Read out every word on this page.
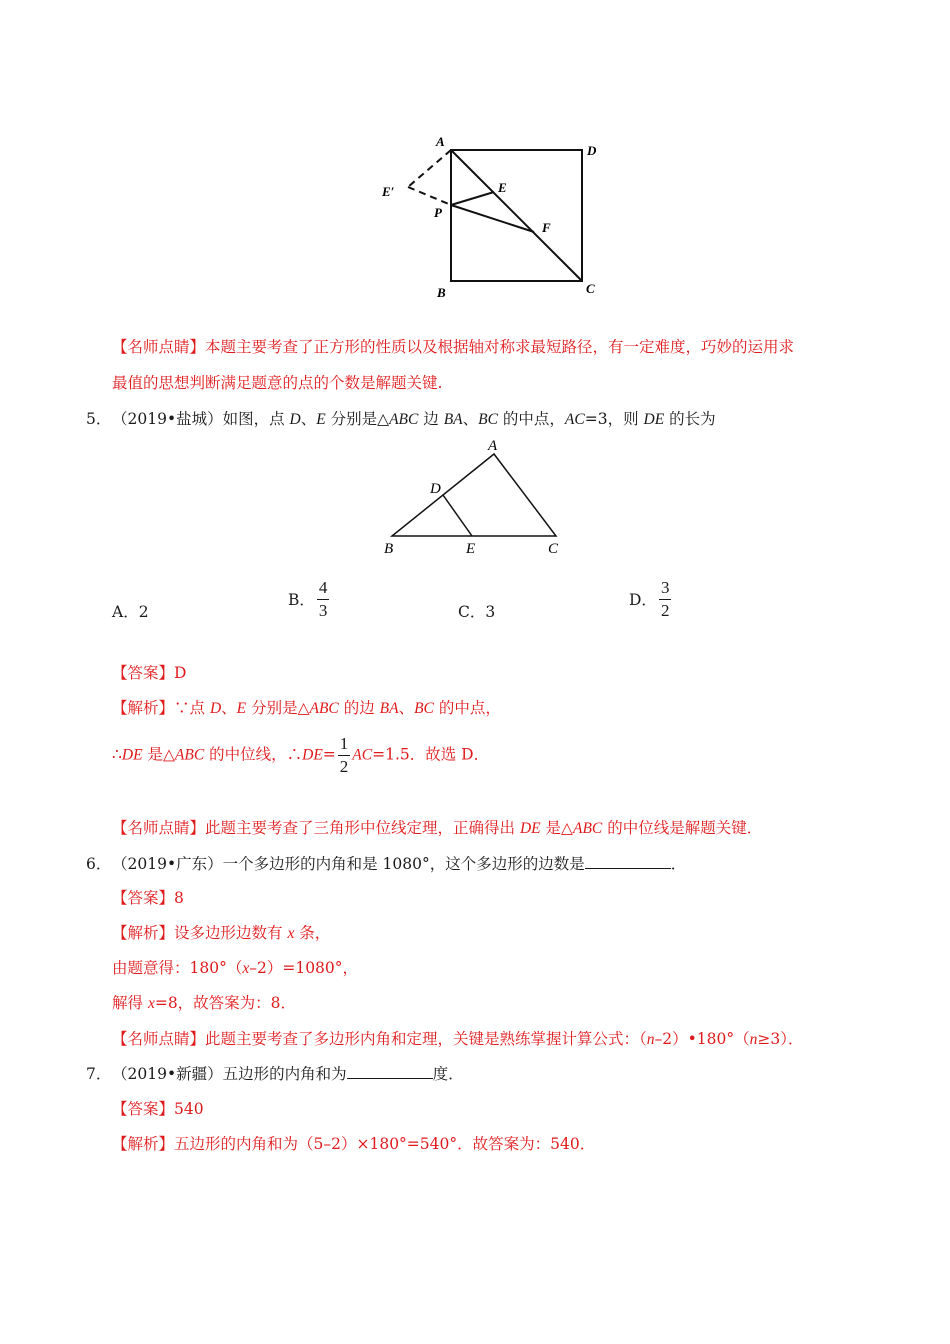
A
D
B	C
E
F
P
E′
【名师点睛】本题主要考查了正方形的性质以及根据轴对称求最短路径，有一定难度，巧妙的运用求
最值的思想判断满足题意的点的个数是解题关键.
5． （2019•盐城）如图，点 D、E 分别是△ABC 边 BA、BC 的中点，AC=3，则 DE 的长为
A
D
B	E	C
A．2
B． $\frac{4}{3}$	C．3
D． $\frac{3}{2}$
【答案】D
【解析】∵点 D、E 分别是△ABC 的边 BA、BC 的中点，
∴DE 是△ABC 的中位线，∴DE= $\frac{1}{2} AC=1.5$．故选 D．
【名师点睛】此题主要考查了三角形中位线定理，正确得出 DE 是△ABC 的中位线是解题关键．
6． （2019•广东）一个多边形的内角和是 1080°，这个多边形的边数是	．
【答案】8
【解析】设多边形边数有 x 条，
由题意得：180°（x–2）=1080°，
解得 x=8，故答案为：8．
【名师点睛】此题主要考查了多边形内角和定理，关键是熟练掌握计算公式：（n–2）•180°（n≥3）．
7． （2019•新疆）五边形的内角和为	度．
【答案】540
【解析】五边形的内角和为（5–2）×180°=540°．故答案为：540．
